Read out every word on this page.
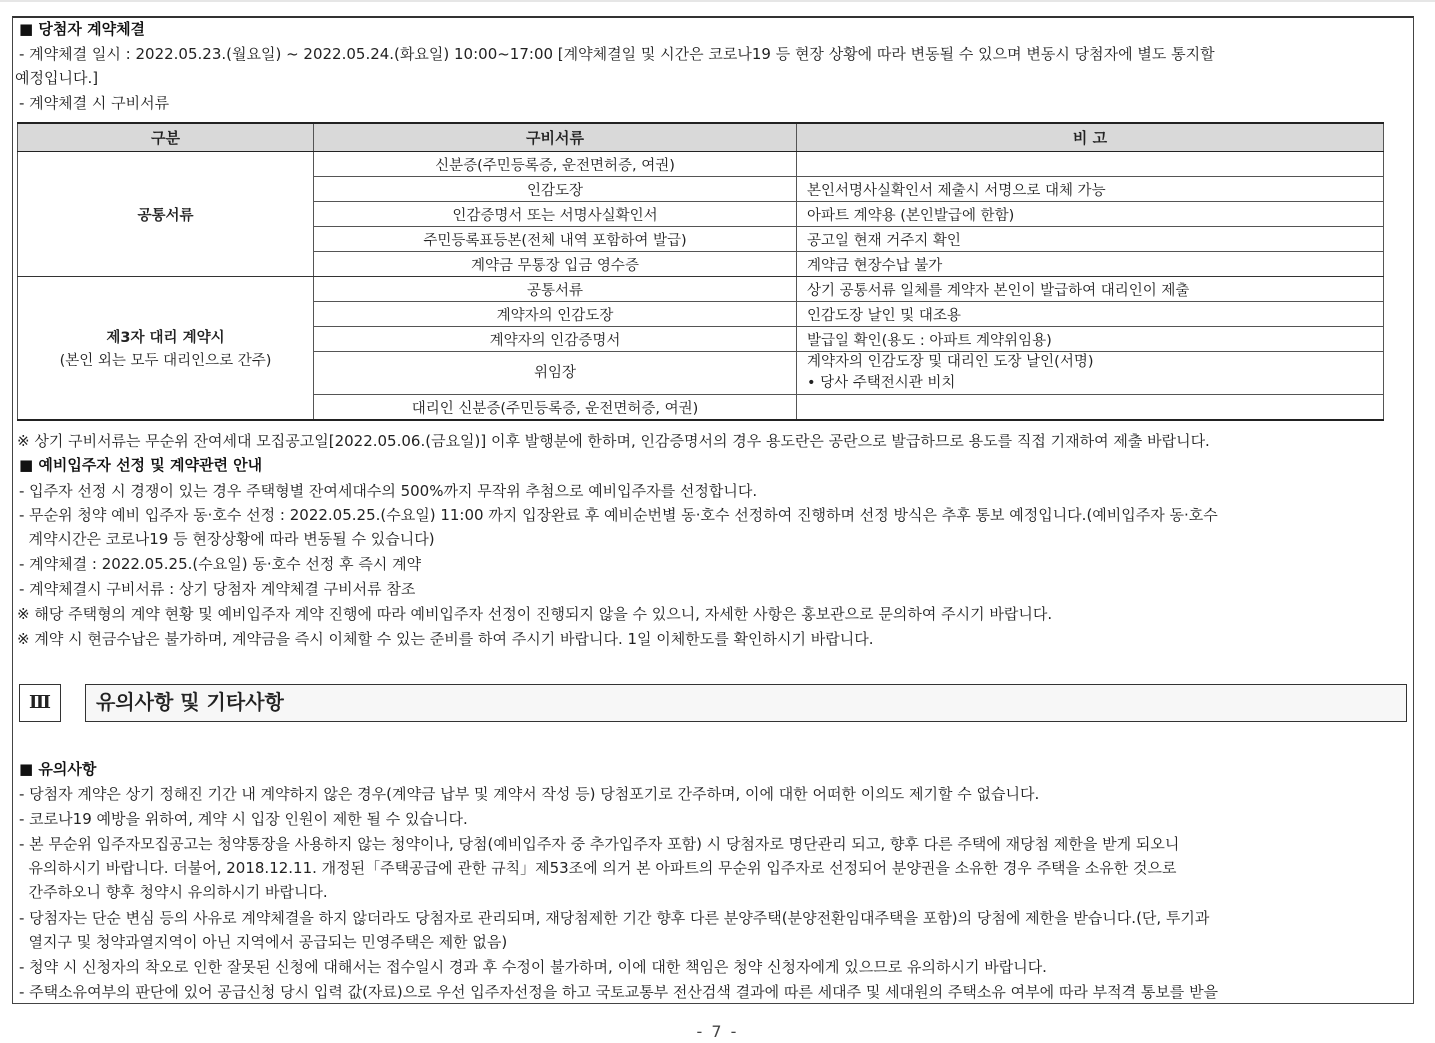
■ 당첨자 계약체결
- 계약체결 일시 : 2022.05.23.(월요일) ~ 2022.05.24.(화요일) 10:00~17:00 [계약체결일 및 시간은 코로나19 등 현장 상황에 따라 변동될 수 있으며 변동시 당첨자에 별도 통지할
예정입니다.]
- 계약체결 시 구비서류
구분	구비서류	비 고
공통서류	신분증(주민등록증, 운전면허증, 여권)	
	인감도장	본인서명사실확인서 제출시 서명으로 대체 가능
	인감증명서 또는 서명사실확인서	아파트 계약용 (본인발급에 한함)
	주민등록표등본(전체 내역 포함하여 발급)	공고일 현재 거주지 확인
	계약금 무통장 입금 영수증	계약금 현장수납 불가
제3자 대리 계약시
(본인 외는 모두 대리인으로 간주)	공통서류	상기 공통서류 일체를 계약자 본인이 발급하여 대리인이 제출
	계약자의 인감도장	인감도장 날인 및 대조용
	계약자의 인감증명서	발급일 확인(용도 : 아파트 계약위임용)
	위임장	계약자의 인감도장 및 대리인 도장 날인(서명)
• 당사 주택전시관 비치

	대리인 신분증(주민등록증, 운전면허증, 여권)	
※ 상기 구비서류는 무순위 잔여세대 모집공고일[2022.05.06.(금요일)] 이후 발행분에 한하며, 인감증명서의 경우 용도란은 공란으로 발급하므로 용도를 직접 기재하여 제출 바랍니다.
■ 예비입주자 선정 및 계약관련 안내
- 입주자 선정 시 경쟁이 있는 경우 주택형별 잔여세대수의 500%까지 무작위 추첨으로 예비입주자를 선정합니다.
- 무순위 청약 예비 입주자 동·호수 선정 : 2022.05.25.(수요일) 11:00 까지 입장완료 후 예비순번별 동·호수 선정하여 진행하며 선정 방식은 추후 통보 예정입니다.(예비입주자 동·호수
계약시간은 코로나19 등 현장상황에 따라 변동될 수 있습니다)
- 계약체결 : 2022.05.25.(수요일) 동·호수 선정 후 즉시 계약
- 계약체결시 구비서류 : 상기 당첨자 계약체결 구비서류 참조
※ 해당 주택형의 계약 현황 및 예비입주자 계약 진행에 따라 예비입주자 선정이 진행되지 않을 수 있으니, 자세한 사항은 홍보관으로 문의하여 주시기 바랍니다.
※ 계약 시 현금수납은 불가하며, 계약금을 즉시 이체할 수 있는 준비를 하여 주시기 바랍니다. 1일 이체한도를 확인하시기 바랍니다.
Ⅲ	유의사항 및 기타사항
■ 유의사항
- 당첨자 계약은 상기 정해진 기간 내 계약하지 않은 경우(계약금 납부 및 계약서 작성 등) 당첨포기로 간주하며, 이에 대한 어떠한 이의도 제기할 수 없습니다.
- 코로나19 예방을 위하여, 계약 시 입장 인원이 제한 될 수 있습니다.
- 본 무순위 입주자모집공고는 청약통장을 사용하지 않는 청약이나, 당첨(예비입주자 중 추가입주자 포함) 시 당첨자로 명단관리 되고, 향후 다른 주택에 재당첨 제한을 받게 되오니
유의하시기 바랍니다. 더불어, 2018.12.11. 개정된「주택공급에 관한 규칙」제53조에 의거 본 아파트의 무순위 입주자로 선정되어 분양권을 소유한 경우 주택을 소유한 것으로
간주하오니 향후 청약시 유의하시기 바랍니다.
- 당첨자는 단순 변심 등의 사유로 계약체결을 하지 않더라도 당첨자로 관리되며, 재당첨제한 기간 향후 다른 분양주택(분양전환임대주택을 포함)의 당첨에 제한을 받습니다.(단, 투기과
열지구 및 청약과열지역이 아닌 지역에서 공급되는 민영주택은 제한 없음)
- 청약 시 신청자의 착오로 인한 잘못된 신청에 대해서는 접수일시 경과 후 수정이 불가하며, 이에 대한 책임은 청약 신청자에게 있으므로 유의하시기 바랍니다.
- 주택소유여부의 판단에 있어 공급신청 당시 입력 값(자료)으로 우선 입주자선정을 하고 국토교통부 전산검색 결과에 따른 세대주 및 세대원의 주택소유 여부에 따라 부적격 통보를 받을
- 7 -
